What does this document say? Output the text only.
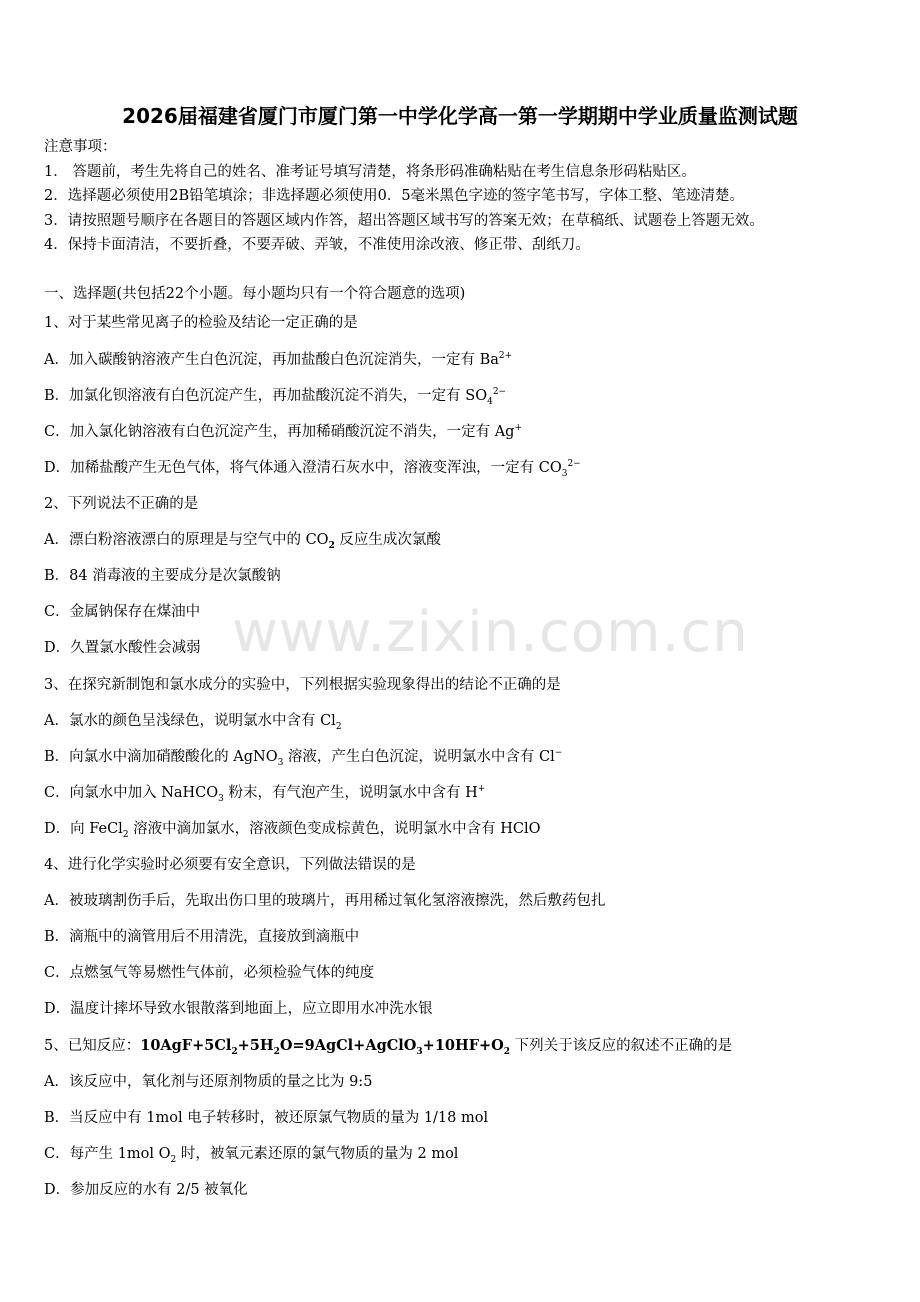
www.zixin.com.cn
2026届福建省厦门市厦门第一中学化学高一第一学期期中学业质量监测试题
注意事项：
1． 答题前，考生先将自己的姓名、准考证号填写清楚，将条形码准确粘贴在考生信息条形码粘贴区。
2．选择题必须使用2B铅笔填涂；非选择题必须使用0．5毫米黑色字迹的签字笔书写，字体工整、笔迹清楚。
3．请按照题号顺序在各题目的答题区域内作答，超出答题区域书写的答案无效；在草稿纸、试题卷上答题无效。
4．保持卡面清洁，不要折叠，不要弄破、弄皱，不准使用涂改液、修正带、刮纸刀。
一、选择题(共包括22个小题。每小题均只有一个符合题意的选项)
1、对于某些常见离子的检验及结论一定正确的是
A．加入碳酸钠溶液产生白色沉淀，再加盐酸白色沉淀消失，一定有 $Ba^{2+}$
B．加氯化钡溶液有白色沉淀产生，再加盐酸沉淀不消失，一定有 $SO_4^{2-}$
C．加入氯化钠溶液有白色沉淀产生，再加稀硝酸沉淀不消失，一定有 Ag+
D．加稀盐酸产生无色气体，将气体通入澄清石灰水中，溶液变浑浊，一定有 $CO_3^{2-}$
2、下列说法不正确的是
A．漂白粉溶液漂白的原理是与空气中的 $CO_2$ 反应生成次氯酸
B．84 消毒液的主要成分是次氯酸钠
C．金属钠保存在煤油中
D．久置氯水酸性会减弱
3、在探究新制饱和氯水成分的实验中，下列根据实验现象得出的结论不正确的是
A．氯水的颜色呈浅绿色，说明氯水中含有 $Cl_2$
B．向氯水中滴加硝酸酸化的 AgNO$_3$ 溶液，产生白色沉淀，说明氯水中含有 Cl−
C．向氯水中加入 NaHCO$_3$ 粉末，有气泡产生，说明氯水中含有 H+
D．向 FeCl$_2$ 溶液中滴加氯水，溶液颜色变成棕黄色，说明氯水中含有 HClO
4、进行化学实验时必须要有安全意识，下列做法错误的是
A．被玻璃割伤手后，先取出伤口里的玻璃片，再用稀过氧化氢溶液擦洗，然后敷药包扎
B．滴瓶中的滴管用后不用清洗，直接放到滴瓶中
C．点燃氢气等易燃性气体前，必须检验气体的纯度
D．温度计摔坏导致水银散落到地面上，应立即用水冲洗水银
5、已知反应：$10AgF+5Cl_2+5H_2O=9AgCl+AgClO_3+10HF+O_2$ 下列关于该反应的叙述不正确的是
A．该反应中，氧化剂与还原剂物质的量之比为 9:5
B．当反应中有 1mol 电子转移时，被还原氯气物质的量为 1/18 mol
C．每产生 1mol $O_2$ 时，被氧元素还原的氯气物质的量为 2 mol
D．参加反应的水有 2/5 被氧化
